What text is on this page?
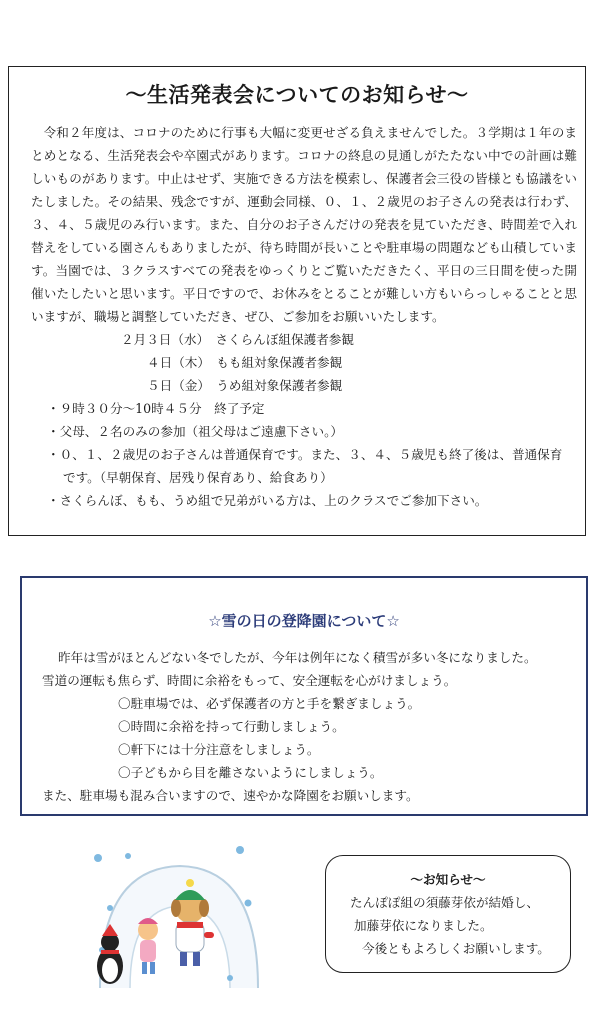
～生活発表会についてのお知らせ～

令和２年度は、コロナのために行事も大幅に変更せざる負えませんでした。３学期は１年のまとめとなる、生活発表会や卒園式があります。コロナの終息の見通しがたたない中での計画は難しいものがあります。中止はせず、実施できる方法を模索し、保護者会三役の皆様とも協議をいたしました。その結果、残念ですが、運動会同様、０、１、２歳児のお子さんの発表は行わず、３、４、５歳児のみ行います。また、自分のお子さんだけの発表を見ていただき、時間差で入れ替えをしている園さんもありましたが、待ち時間が長いことや駐車場の問題なども山積しています。当園では、３クラスすべての発表をゆっくりとご覧いただきたく、平日の三日間を使った開催いたしたいと思います。平日ですので、お休みをとることが難しい方もいらっしゃることと思いますが、職場と調整していただき、ぜひ、ご参加をお願いいたします。

２月３日（水）　 さくらんぼ組保護者参観
４日（木）　 もも組対象保護者参観
５日（金）　 うめ組対象保護者参観
・９時３０分～10時４５分　終了予定
・父母、２名のみの参加（祖父母はご遠慮下さい。）
・０、１、２歳児のお子さんは普通保育です。また、３、４、５歳児も終了後は、普通保育
です。（早朝保育、居残り保育あり、給食あり）
・さくらんぼ、もも、うめ組で兄弟がいる方は、上のクラスでご参加下さい。
☆雪の日の登降園について☆
昨年は雪がほとんどない冬でしたが、今年は例年になく積雪が多い冬になりました。
雪道の運転も焦らず、時間に余裕をもって、安全運転を心がけましょう。
〇駐車場では、必ず保護者の方と手を繋ぎましょう。
〇時間に余裕を持って行動しましょう。
〇軒下には十分注意をしましょう。
〇子どもから目を離さないようにしましょう。
また、駐車場も混み合いますので、速やかな降園をお願いします。
～お知らせ～
たんぽぽ組の須藤芽依が結婚し、
加藤芽依になりました。
今後ともよろしくお願いします。
